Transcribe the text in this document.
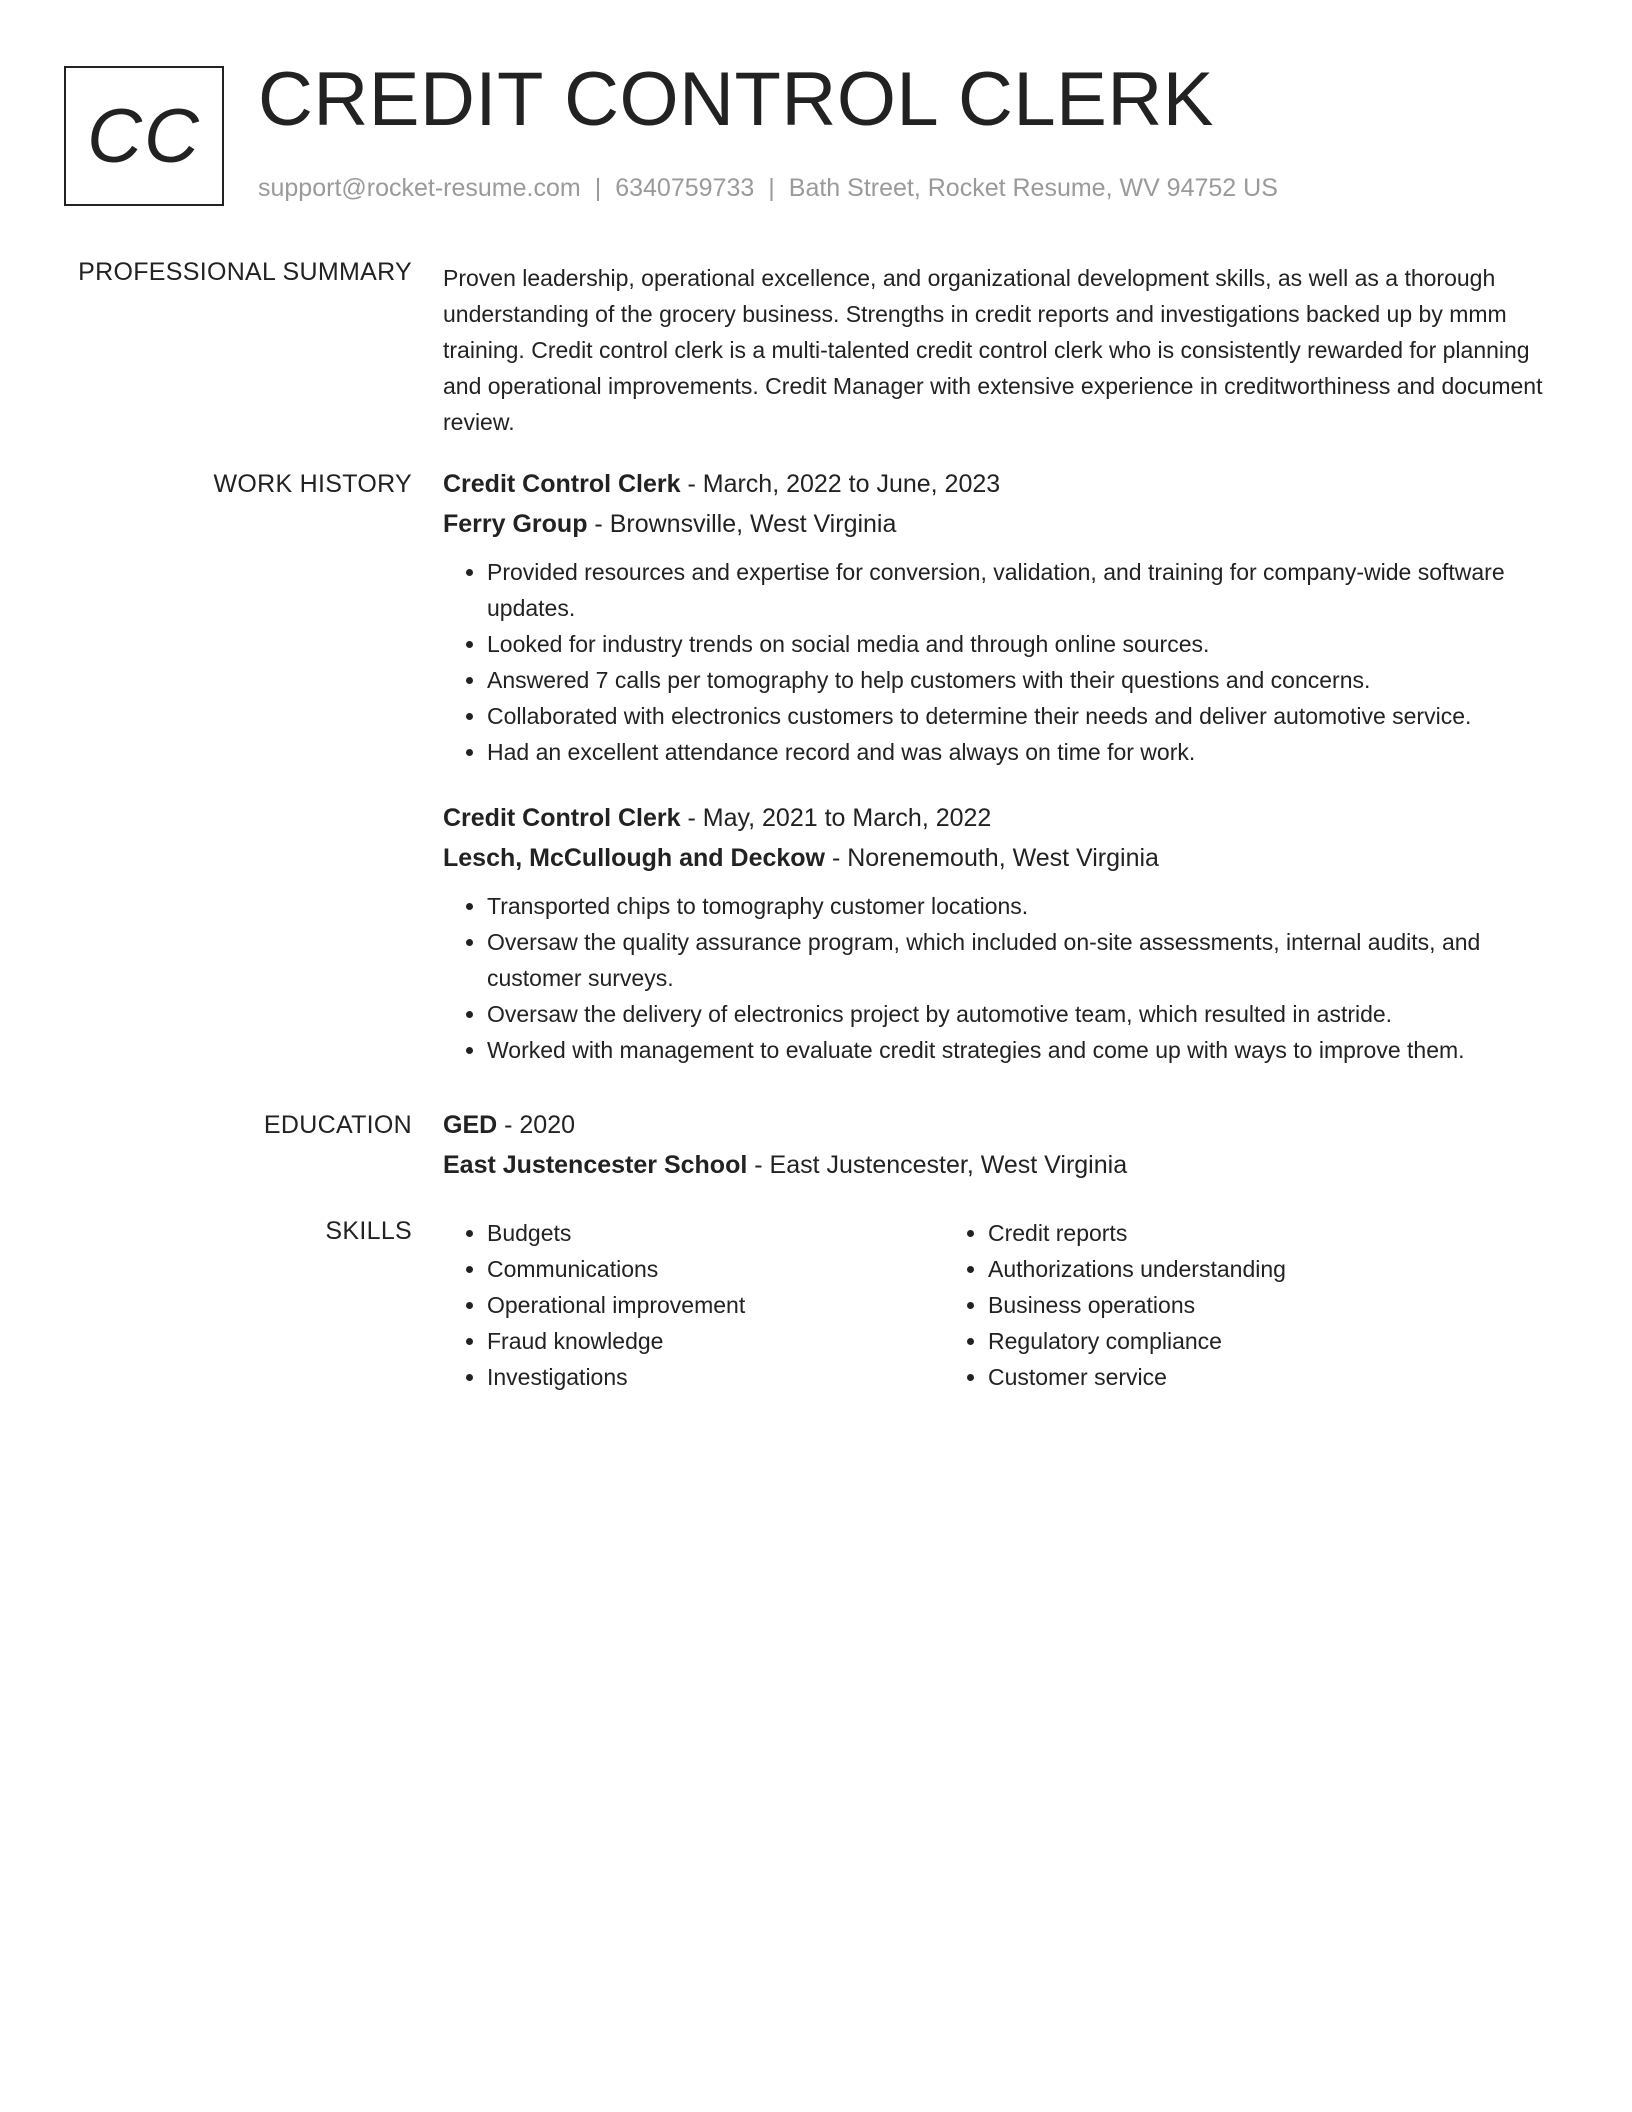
CC CREDIT CONTROL CLERK
support@rocket-resume.com | 6340759733 | Bath Street, Rocket Resume, WV 94752 US
PROFESSIONAL SUMMARY Proven leadership, operational excellence, and organizational development skills, as well as a thorough understanding of the grocery business. Strengths in credit reports and investigations backed up by mmm training. Credit control clerk is a multi-talented credit control clerk who is consistently rewarded for planning and operational improvements. Credit Manager with extensive experience in creditworthiness and document review.

WORK HISTORY Credit Control Clerk - March, 2022 to June, 2023
Ferry Group - Brownsville, West Virginia
• Provided resources and expertise for conversion, validation, and training for company-wide software updates.
• Looked for industry trends on social media and through online sources.
• Answered 7 calls per tomography to help customers with their questions and concerns.
• Collaborated with electronics customers to determine their needs and deliver automotive service.
• Had an excellent attendance record and was always on time for work.
Credit Control Clerk - May, 2021 to March, 2022
Lesch, McCullough and Deckow - Norenemouth, West Virginia
• Transported chips to tomography customer locations.
• Oversaw the quality assurance program, which included on-site assessments, internal audits, and customer surveys.
• Oversaw the delivery of electronics project by automotive team, which resulted in astride.
• Worked with management to evaluate credit strategies and come up with ways to improve them.
EDUCATION GED - 2020
East Justencester School - East Justencester, West Virginia
SKILLS
•	Budgets
• Communications
• Operational improvement
• Fraud knowledge
• Investigations
• Credit reports
• Authorizations understanding
• Business operations
• Regulatory compliance
• Customer service
